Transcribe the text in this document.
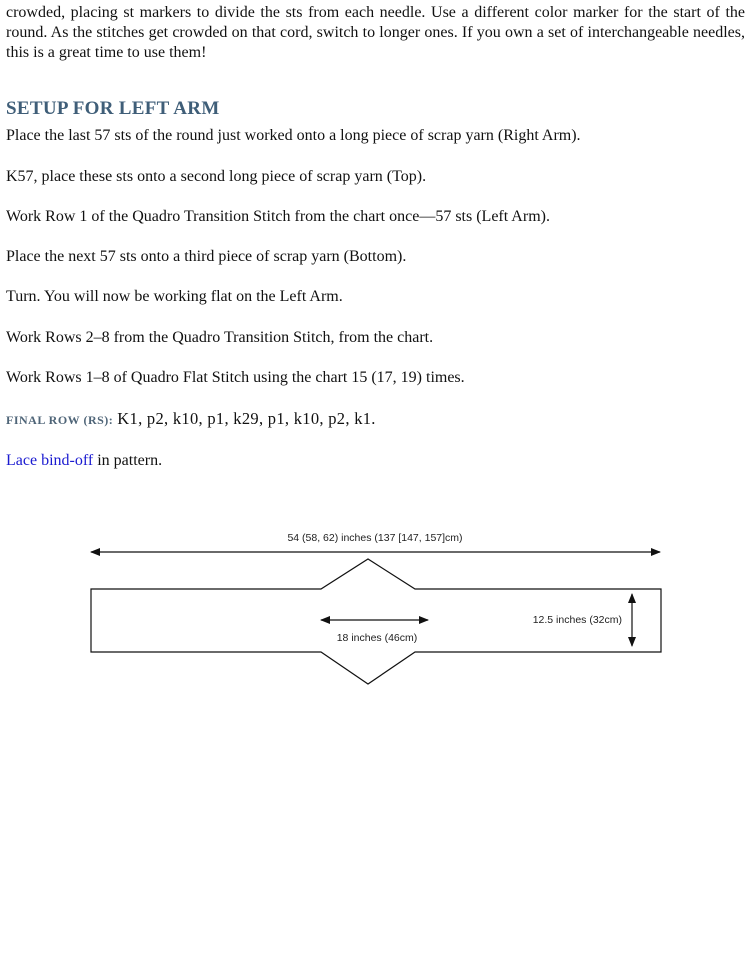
crowded, placing st markers to divide the sts from each needle. Use a different color marker for the start of the round. As the stitches get crowded on that cord, switch to longer ones. If you own a set of interchangeable needles, this is a great time to use them!

SETUP FOR LEFT ARM

Place the last 57 sts of the round just worked onto a long piece of scrap yarn (Right Arm).

K57, place these sts onto a second long piece of scrap yarn (Top).

Work Row 1 of the Quadro Transition Stitch from the chart once—57 sts (Left Arm).

Place the next 57 sts onto a third piece of scrap yarn (Bottom).

Turn. You will now be working flat on the Left Arm.

Work Rows 2–8 from the Quadro Transition Stitch, from the chart.

Work Rows 1–8 of Quadro Flat Stitch using the chart 15 (17, 19) times.

FINAL ROW (RS): K1, p2, k10, p1, k29, p1, k10, p2, k1.

Lace bind-off in pattern.

54 (58, 62) inches (137 [147, 157]cm)
18 inches (46cm)
12.5 inches (32cm)
